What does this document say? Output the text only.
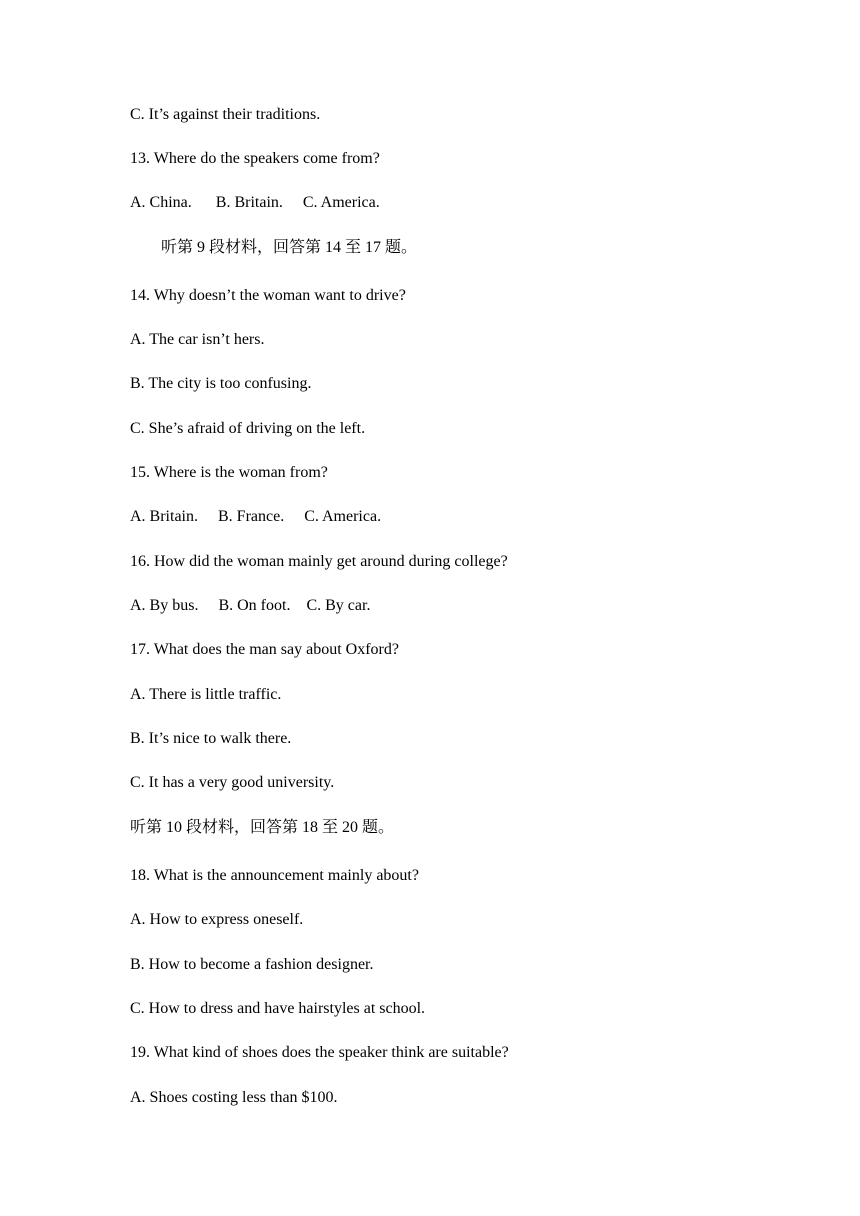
C. It’s against their traditions.
13. Where do the speakers come from?
A. China.      B. Britain.     C. America.
听第 9 段材料，回答第 14 至 17 题。
14. Why doesn’t the woman want to drive?
A. The car isn’t hers.
B. The city is too confusing.
C. She’s afraid of driving on the left.
15. Where is the woman from?
A. Britain.     B. France.     C. America.
16. How did the woman mainly get around during college?
A. By bus.     B. On foot.    C. By car.
17. What does the man say about Oxford?
A. There is little traffic.
B. It’s nice to walk there.
C. It has a very good university.
听第 10 段材料，回答第 18 至 20 题。
18. What is the announcement mainly about?
A. How to express oneself.
B. How to become a fashion designer.
C. How to dress and have hairstyles at school.
19. What kind of shoes does the speaker think are suitable?
A. Shoes costing less than $100.
